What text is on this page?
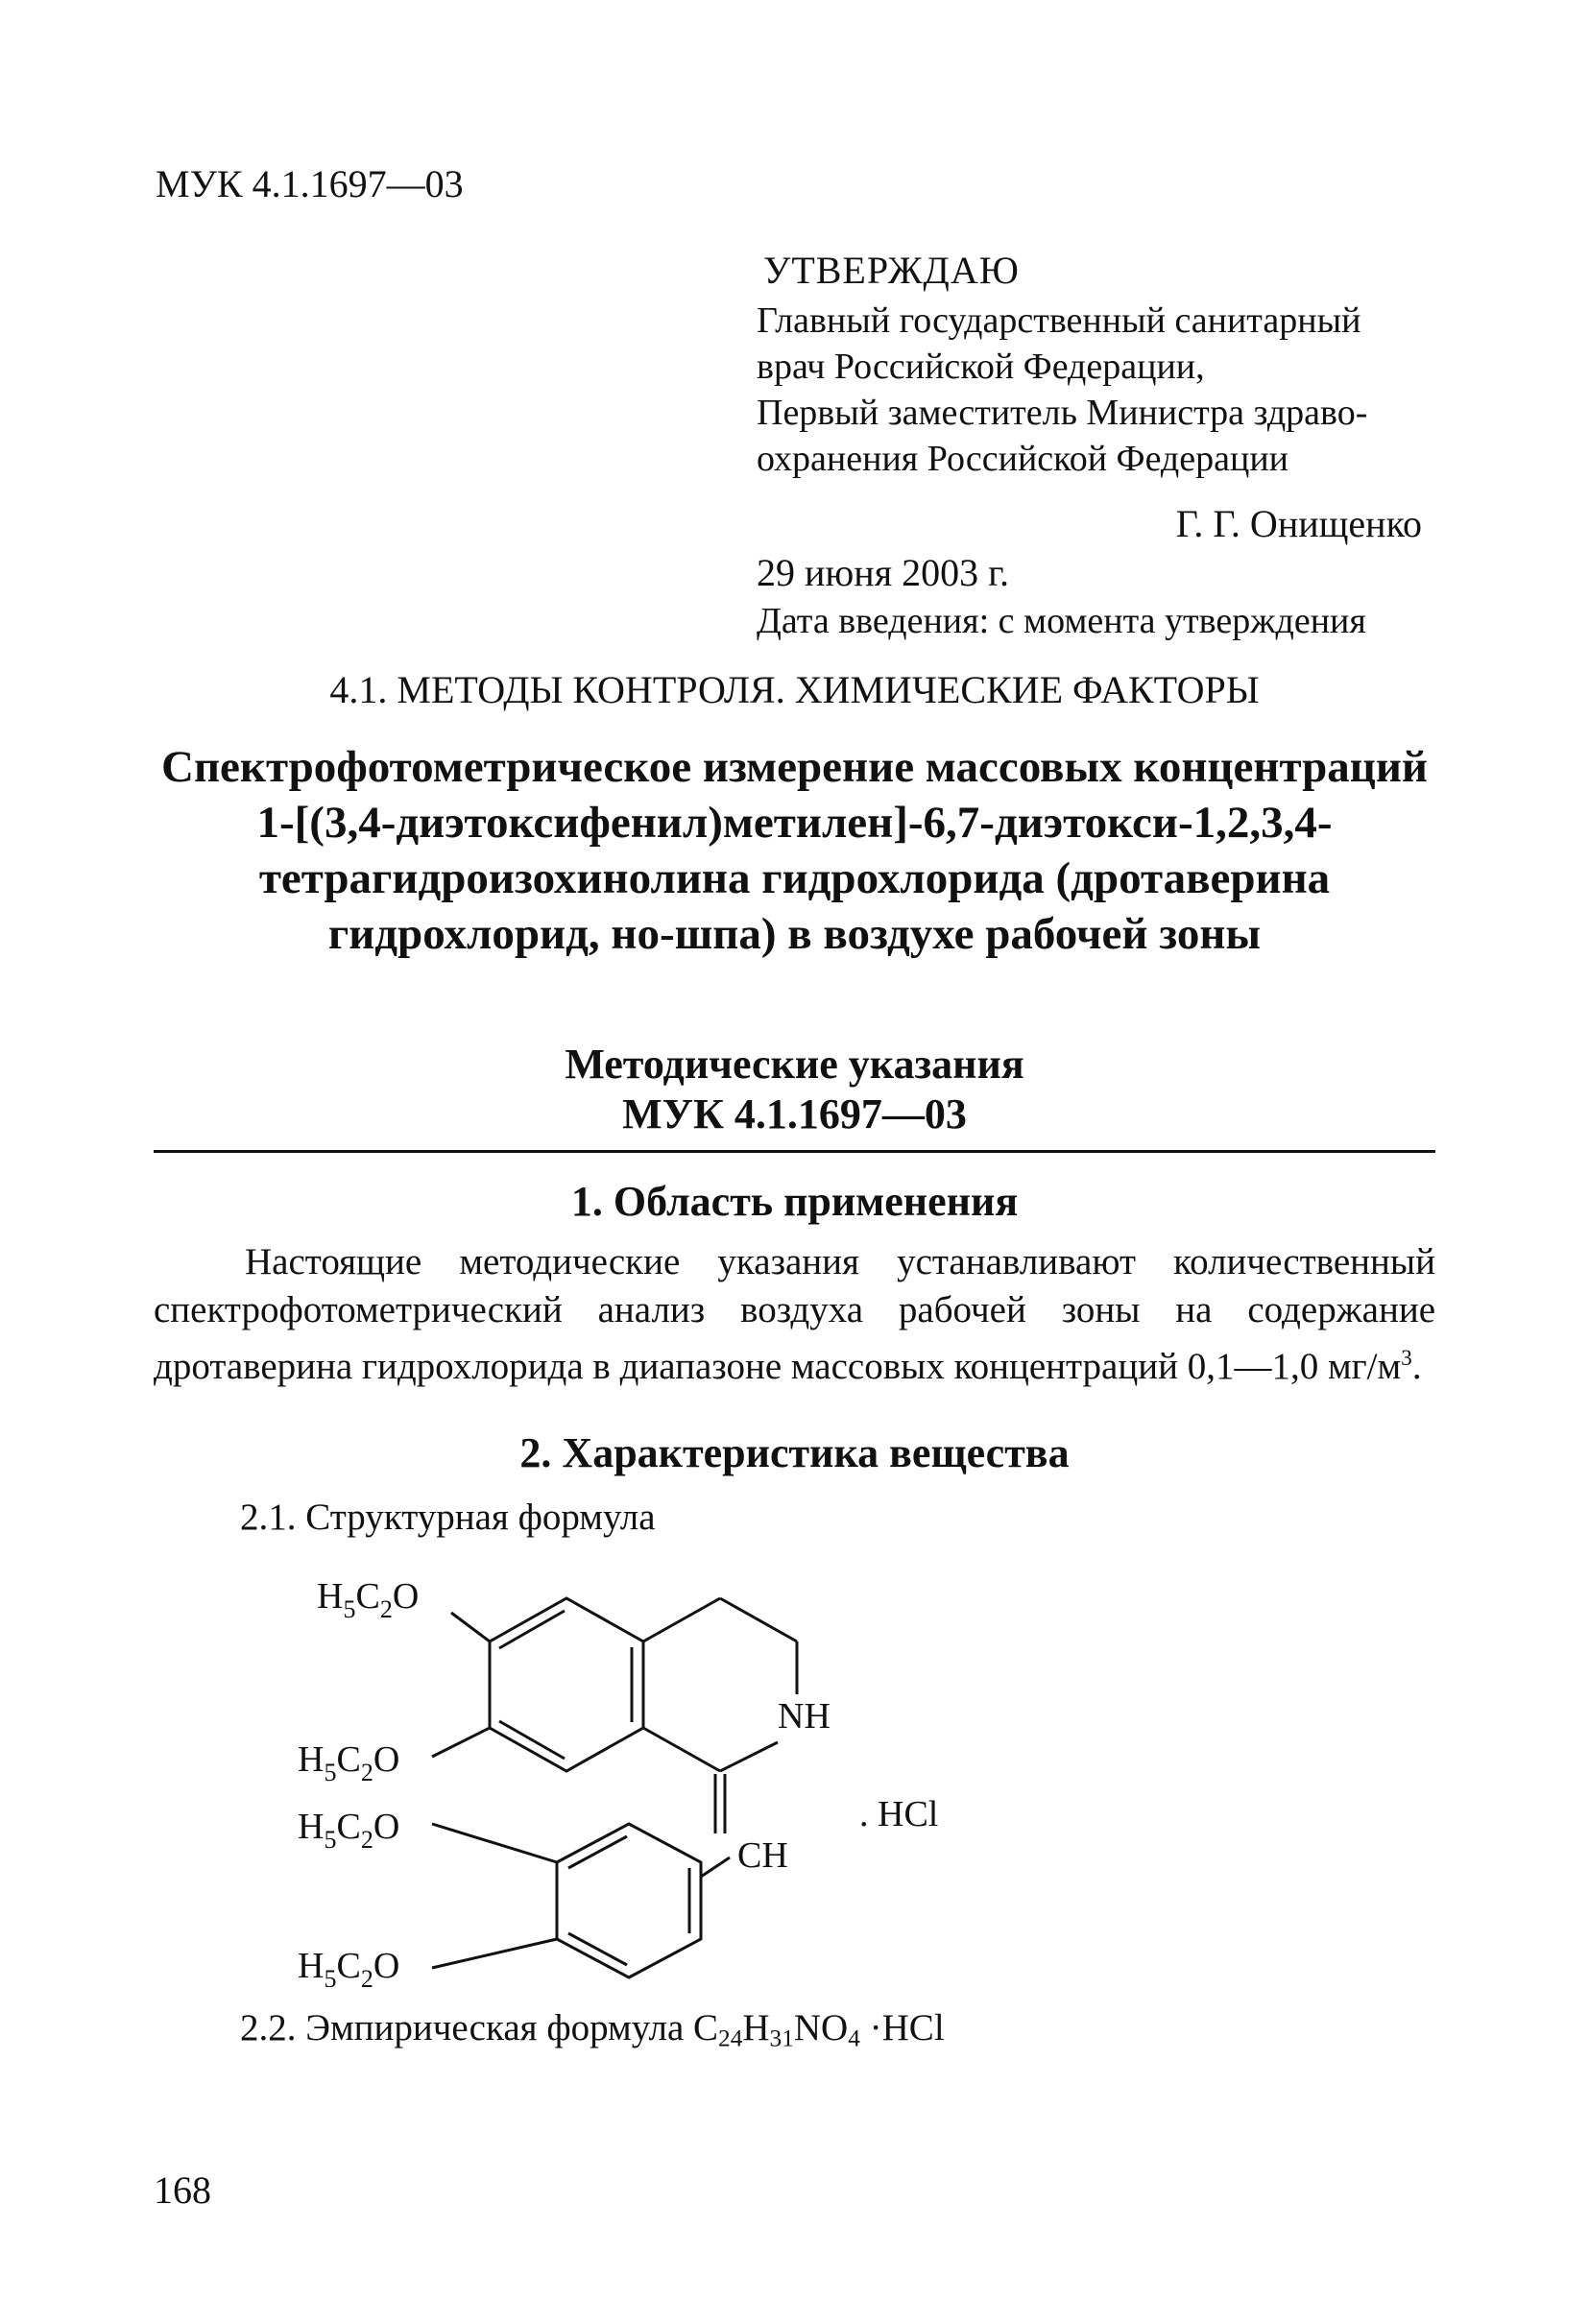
МУК 4.1.1697—03
УТВЕРЖДАЮ
Главный государственный санитарный
врач Российской Федерации,
Первый заместитель Министра здраво-
охранения Российской Федерации
Г. Г. Онищенко
29 июня 2003 г.
Дата введения: с момента утверждения
4.1. МЕТОДЫ КОНТРОЛЯ. ХИМИЧЕСКИЕ ФАКТОРЫ
Спектрофотометрическое измерение массовых концентраций 1-[(3,4-диэтоксифенил)метилен]-6,7-диэтокси-1,2,3,4-тетрагидроизохинолина гидрохлорида (дротаверина гидрохлорид, но-шпа) в воздухе рабочей зоны
Методические указания
МУК 4.1.1697—03
1. Область применения
Настоящие методические указания устанавливают количественный спектрофотометрический анализ воздуха рабочей зоны на содержание дротаверина гидрохлорида в диапазоне массовых концентраций 0,1—1,0 $мг/м^3$.
2. Характеристика вещества
2.1. Структурная формула
$H_5C_2O$
$H_5C_2O$
$H_5C_2O$
$H_5C_2O$
NH
CH
. HCl
2.2. Эмпирическая формула $C_{24}H_{31}NO_4 \cdot HCl$
168
